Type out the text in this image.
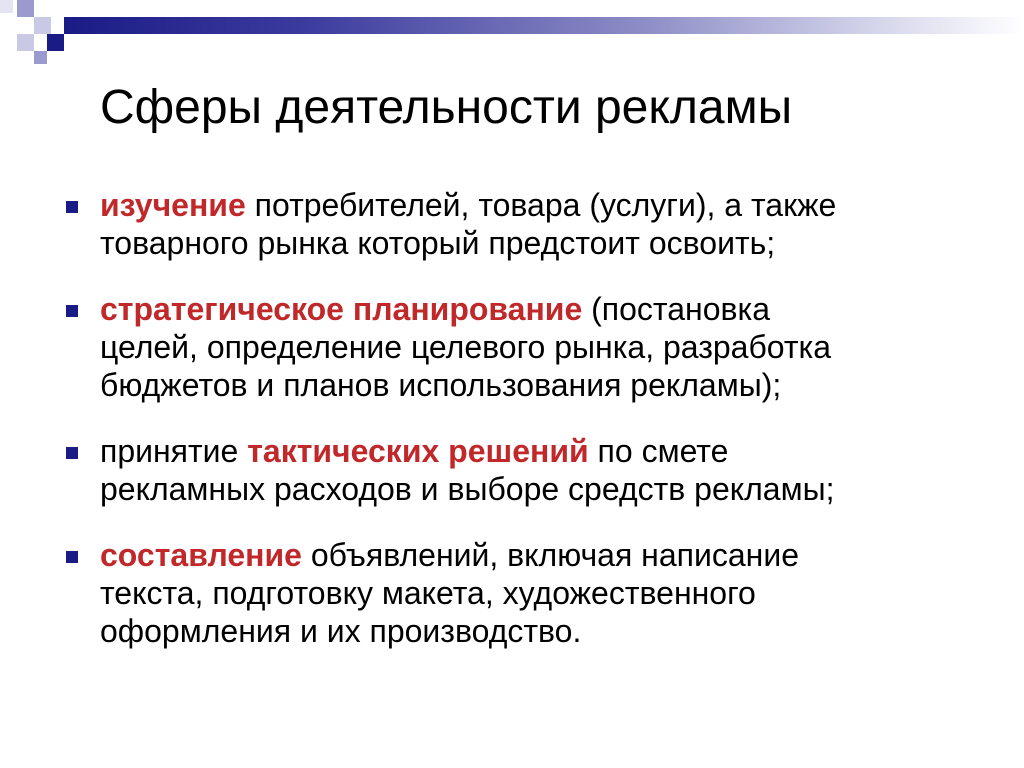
Сферы деятельности рекламы
изучение потребителей, товара (услуги), а также
товарного рынка который предстоит освоить;
стратегическое планирование (постановка
целей, определение целевого рынка, разработка
бюджетов и планов использования рекламы);
принятие тактических решений по смете
рекламных расходов и выборе средств рекламы;
составление объявлений, включая написание
текста, подготовку макета, художественного
оформления и их производство.
